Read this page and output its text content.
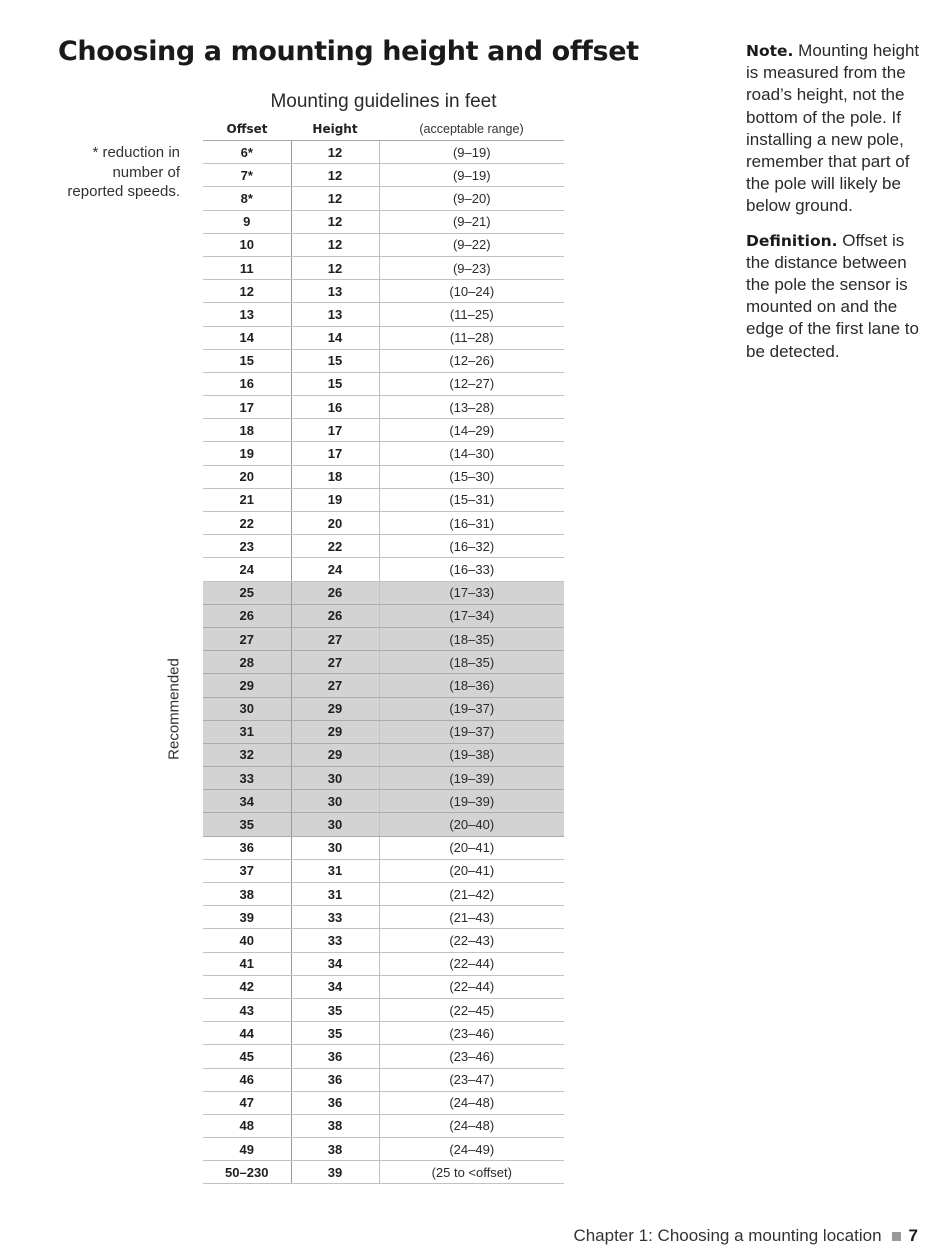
Choosing a mounting height and offset
Mounting guidelines in feet
* reduction in number of reported speeds.
Recommended
Offset	Height	(acceptable range)
6*	12	(9–19)
7*	12	(9–19)
8*	12	(9–20)
9	12	(9–21)
10	12	(9–22)
11	12	(9–23)
12	13	(10–24)
13	13	(11–25)
14	14	(11–28)
15	15	(12–26)
16	15	(12–27)
17	16	(13–28)
18	17	(14–29)
19	17	(14–30)
20	18	(15–30)
21	19	(15–31)
22	20	(16–31)
23	22	(16–32)
24	24	(16–33)
25	26	(17–33)
26	26	(17–34)
27	27	(18–35)
28	27	(18–35)
29	27	(18–36)
30	29	(19–37)
31	29	(19–37)
32	29	(19–38)
33	30	(19–39)
34	30	(19–39)
35	30	(20–40)
36	30	(20–41)
37	31	(20–41)
38	31	(21–42)
39	33	(21–43)
40	33	(22–43)
41	34	(22–44)
42	34	(22–44)
43	35	(22–45)
44	35	(23–46)
45	36	(23–46)
46	36	(23–47)
47	36	(24–48)
48	38	(24–48)
49	38	(24–49)
50–230	39	(25 to <offset)

Note. Mounting height is measured from the road’s height, not the bottom of the pole. If installing a new pole, remember that part of the pole will likely be below ground.

Definition. Offset is the distance between the pole the sensor is mounted on and the edge of the first lane to be detected.

Chapter 1: Choosing a mounting location 7
